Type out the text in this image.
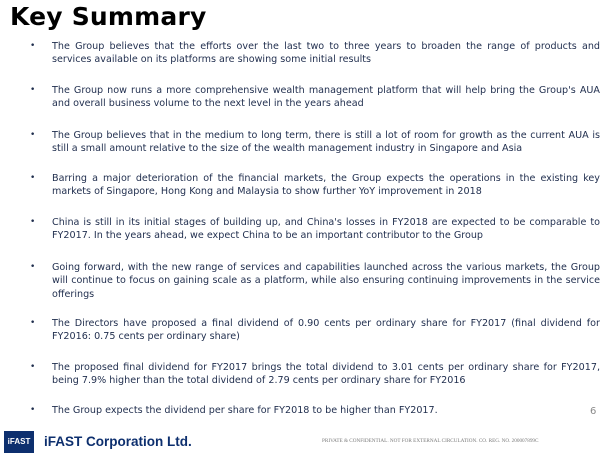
Key Summary
• The Group believes that the efforts over the last two to three years to broaden the range of products and services available on its platforms are showing some initial results
• The Group now runs a more comprehensive wealth management platform that will help bring the Group's AUA and overall business volume to the next level in the years ahead
• The Group believes that in the medium to long term, there is still a lot of room for growth as the current AUA is still a small amount relative to the size of the wealth management industry in Singapore and Asia
• Barring a major deterioration of the financial markets, the Group expects the operations in the existing key markets of Singapore, Hong Kong and Malaysia to show further YoY improvement in 2018
• China is still in its initial stages of building up, and China's losses in FY2018 are expected to be comparable to FY2017. In the years ahead, we expect China to be an important contributor to the Group
• Going forward, with the new range of services and capabilities launched across the various markets, the Group will continue to focus on gaining scale as a platform, while also ensuring continuing improvements in the service offerings
• The Directors have proposed a final dividend of 0.90 cents per ordinary share for FY2017 (final dividend for FY2016: 0.75 cents per ordinary share)
• The proposed final dividend for FY2017 brings the total dividend to 3.01 cents per ordinary share for FY2017, being 7.9% higher than the total dividend of 2.79 cents per ordinary share for FY2016
• The Group expects the dividend per share for FY2018 to be higher than FY2017.	6
iFAST iFAST Corporation Ltd.	PRIVATE & CONFIDENTIAL. NOT FOR EXTERNAL CIRCULATION. CO. REG. NO. 200007899C
